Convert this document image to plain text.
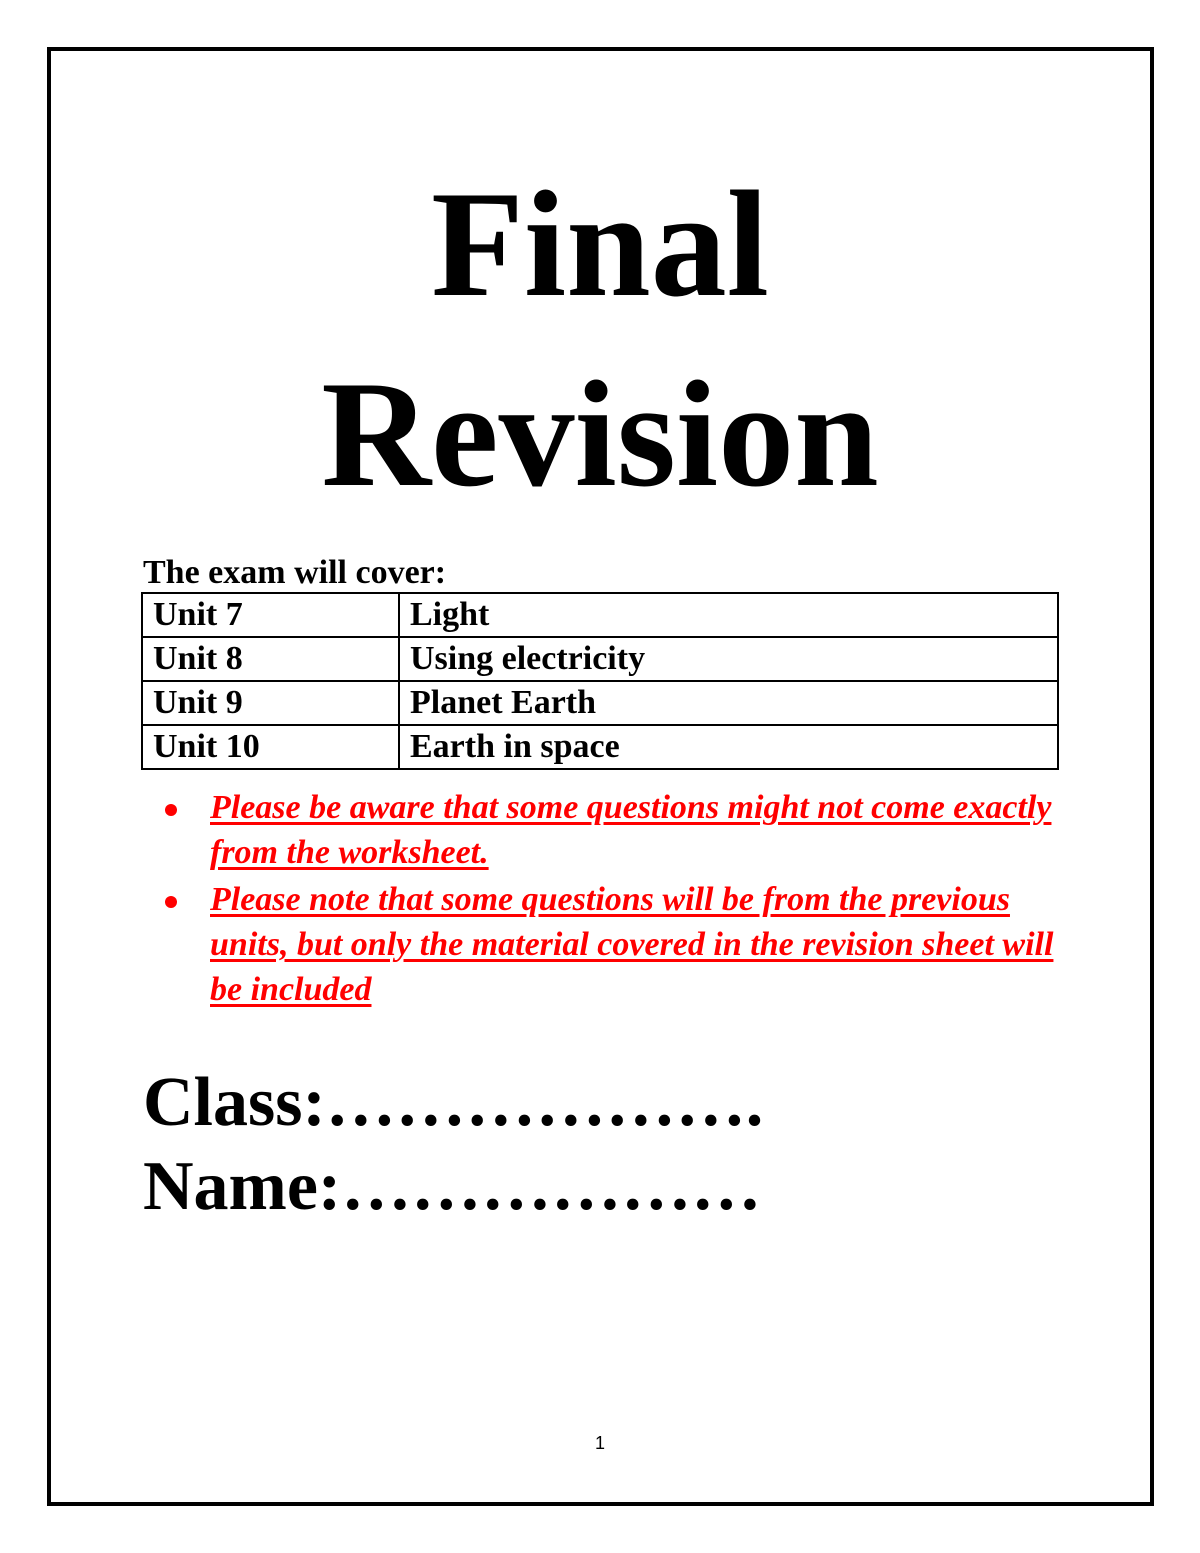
Final
Revision

The exam will cover:

Unit 7	Light
Unit 8	Using electricity
Unit 9	Planet Earth
Unit 10	Earth in space
Please be aware that some questions might not come exactly from the worksheet.
Please note that some questions will be from the previous units, but only the material covered in the revision sheet will be included

Class:……………….

Name:………………

1
